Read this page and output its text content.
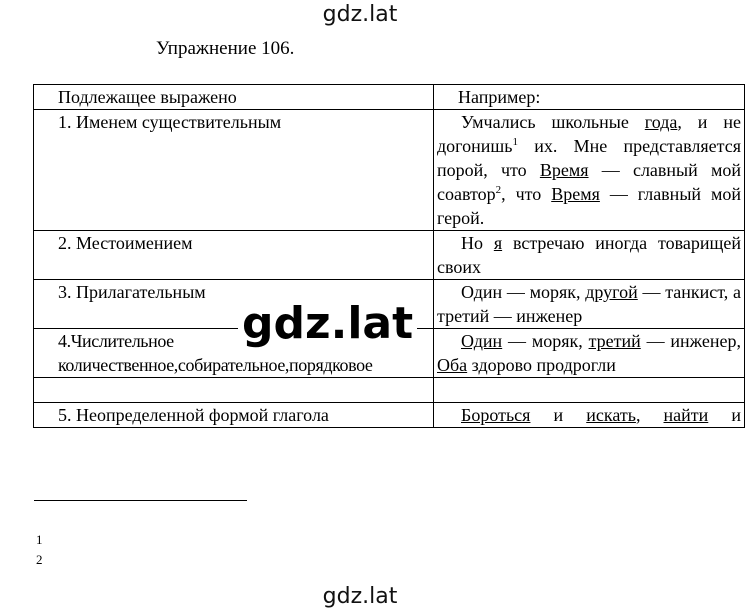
gdz.lat
Упражнение 106.
Подлежащее выражено	Например:
1. Именем существительным	Умчались школьные года, и не догонишь$^1$ их. Мне представляется порой, что Время — славный мой соавтор$^2$, что Время — главный мой герой.
2. Местоимением	Но я встречаю иногда товарищей своих
3. Прилагательным	Один — моряк, другой — танкист, а третий — инженер
4.Числительное количественное,собирательное,порядковое	Один — моряк, третий — инженер, Оба здорово продрогли

5. Неопределенной формой глагола	Бороться и искать, найти и
gdz.lat
1
2
gdz.lat
